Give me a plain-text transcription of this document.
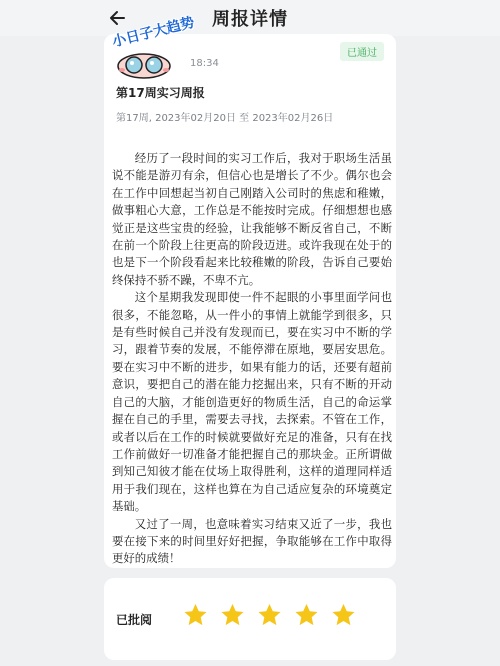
周报详情
小日子大趋势
18:34
已通过
第17周实习周报
第17周, 2023年02月20日 至 2023年02月26日

经历了一段时间的实习工作后，我对于职场生活虽说不能是游刃有余，但信心也是增长了不少。偶尔也会在工作中回想起当初自己刚踏入公司时的焦虑和稚嫩，做事粗心大意，工作总是不能按时完成。仔细想想也感觉正是这些宝贵的经验，让我能够不断反省自己，不断在前一个阶段上往更高的阶段迈进。或许我现在处于的也是下一个阶段看起来比较稚嫩的阶段，告诉自己要始终保持不骄不躁，不卑不亢。

这个星期我发现即使一件不起眼的小事里面学问也很多，不能忽略，从一件小的事情上就能学到很多，只是有些时候自己并没有发现而已，要在实习中不断的学习，跟着节奏的发展，不能停滞在原地，要居安思危。要在实习中不断的进步，如果有能力的话，还要有超前意识，要把自己的潜在能力挖掘出来，只有不断的开动自己的大脑，才能创造更好的物质生活，自己的命运掌握在自己的手里，需要去寻找，去探索。不管在工作，或者以后在工作的时候就要做好充足的准备，只有在找工作前做好一切准备才能把握自己的那块金。正所谓做到知己知彼才能在仗场上取得胜利，这样的道理同样适用于我们现在，这样也算在为自己适应复杂的环境奠定基础。

又过了一周，也意味着实习结束又近了一步，我也要在接下来的时间里好好把握，争取能够在工作中取得更好的成绩！

已批阅
